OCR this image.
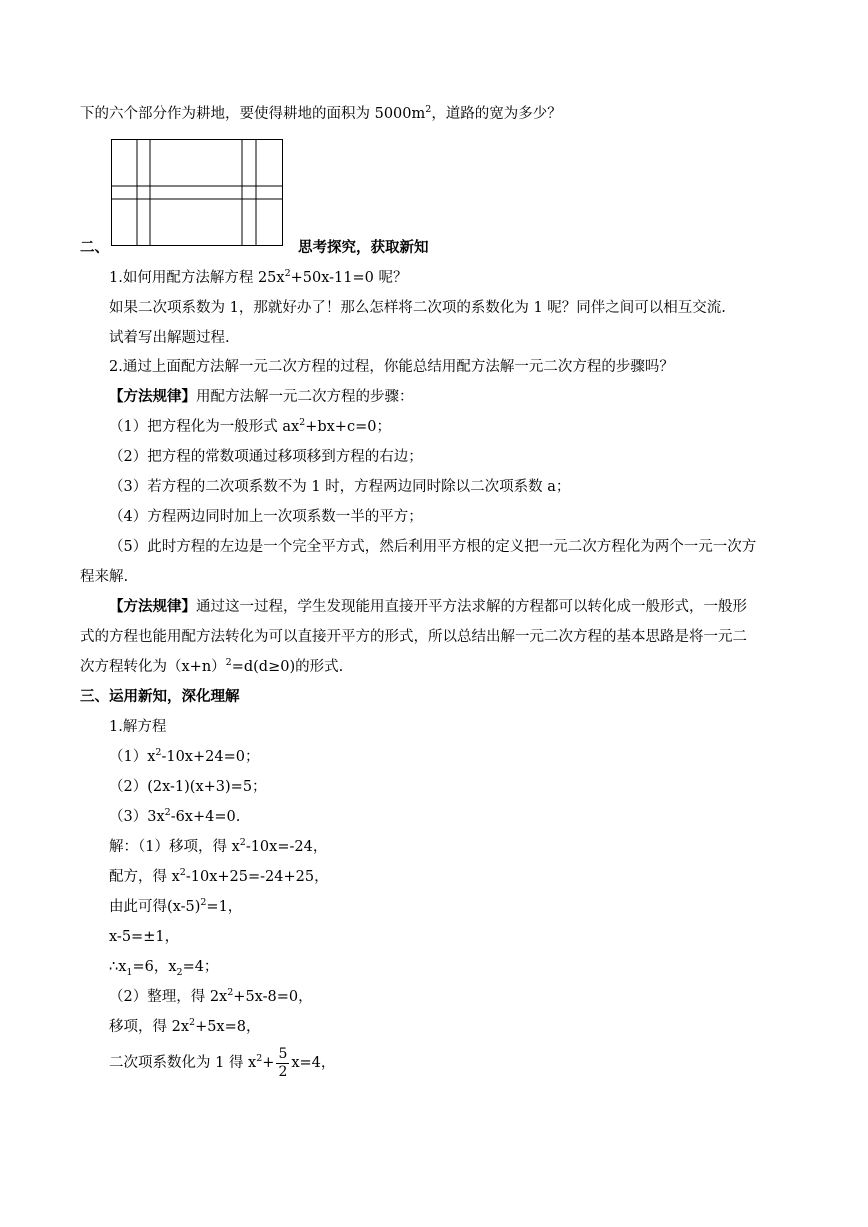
下的六个部分作为耕地，要使得耕地的面积为 $5000m^2$，道路的宽为多少？
二、	思考探究，获取新知
1.如何用配方法解方程 $25x^2+50x-11=0$ 呢？
如果二次项系数为 1，那就好办了！那么怎样将二次项的系数化为 1 呢？同伴之间可以相互交流.
试着写出解题过程.
2.通过上面配方法解一元二次方程的过程，你能总结用配方法解一元二次方程的步骤吗？
【方法规律】用配方法解一元二次方程的步骤：
（1）把方程化为一般形式 $ax^2+bx+c=0$；
（2）把方程的常数项通过移项移到方程的右边；
（3）若方程的二次项系数不为 1 时，方程两边同时除以二次项系数 a；
（4）方程两边同时加上一次项系数一半的平方；
（5）此时方程的左边是一个完全平方式，然后利用平方根的定义把一元二次方程化为两个一元一次方
程来解.
【方法规律】通过这一过程，学生发现能用直接开平方法求解的方程都可以转化成一般形式，一般形
式的方程也能用配方法转化为可以直接开平方的形式，所以总结出解一元二次方程的基本思路是将一元二
次方程转化为$(x+n)^2=d(d\ge 0)$的形式.
三、运用新知，深化理解
1.解方程
$(1)x^2-10x+24=0$；
（2）(2x-1)(x+3)=5；
$(3)3x^2-6x+4=0$.
解：（1）移项，得 $x^2-10x=-24$，
配方，得 $x^2-10x+25=-24+25$，
由此可得$(x-5)^2=1$，
x-5=±1，
$\therefore x_1=6$，$x_2=4$；
（2）整理，得 $2x^2+5x-8=0$，
移项，得 $2x^2+5x=8$，
二次项系数化为 1 得 $x^2+ \frac{5}{2} x=4$，
